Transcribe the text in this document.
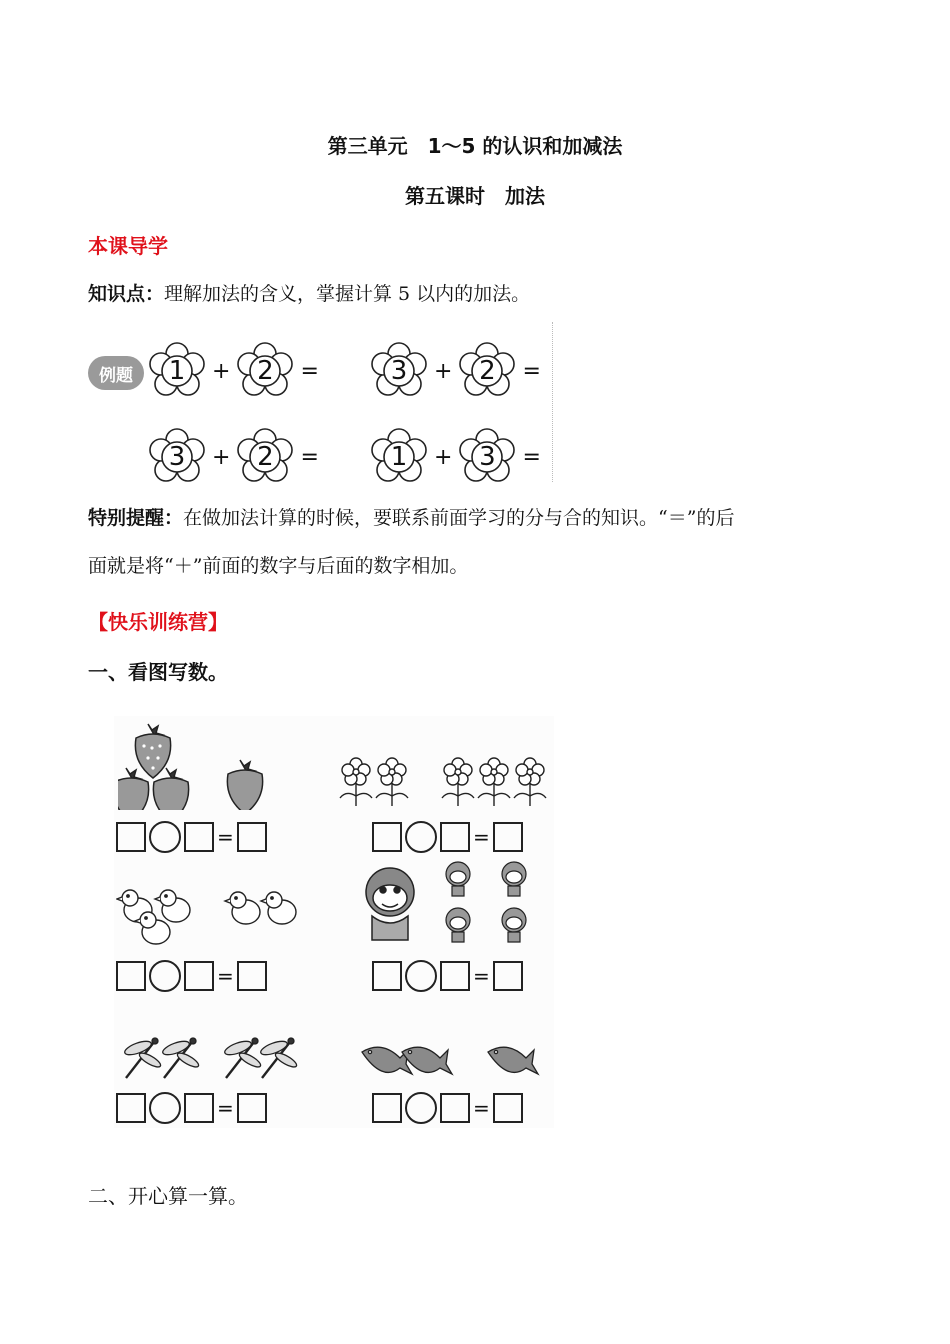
第三单元　1～5 的认识和加减法
第五课时　加法
本课导学
知识点：理解加法的含义，掌握计算 5 以内的加法。
例题	1	+	2	=	3	+	2	=
3	+	2	=	1	+	3	=
特别提醒：在做加法计算的时候，要联系前面学习的分与合的知识。“＝”的后
面就是将“＋”前面的数字与后面的数字相加。
【快乐训练营】
一、看图写数。
=	=
=	=
=	=
二、开心算一算。
